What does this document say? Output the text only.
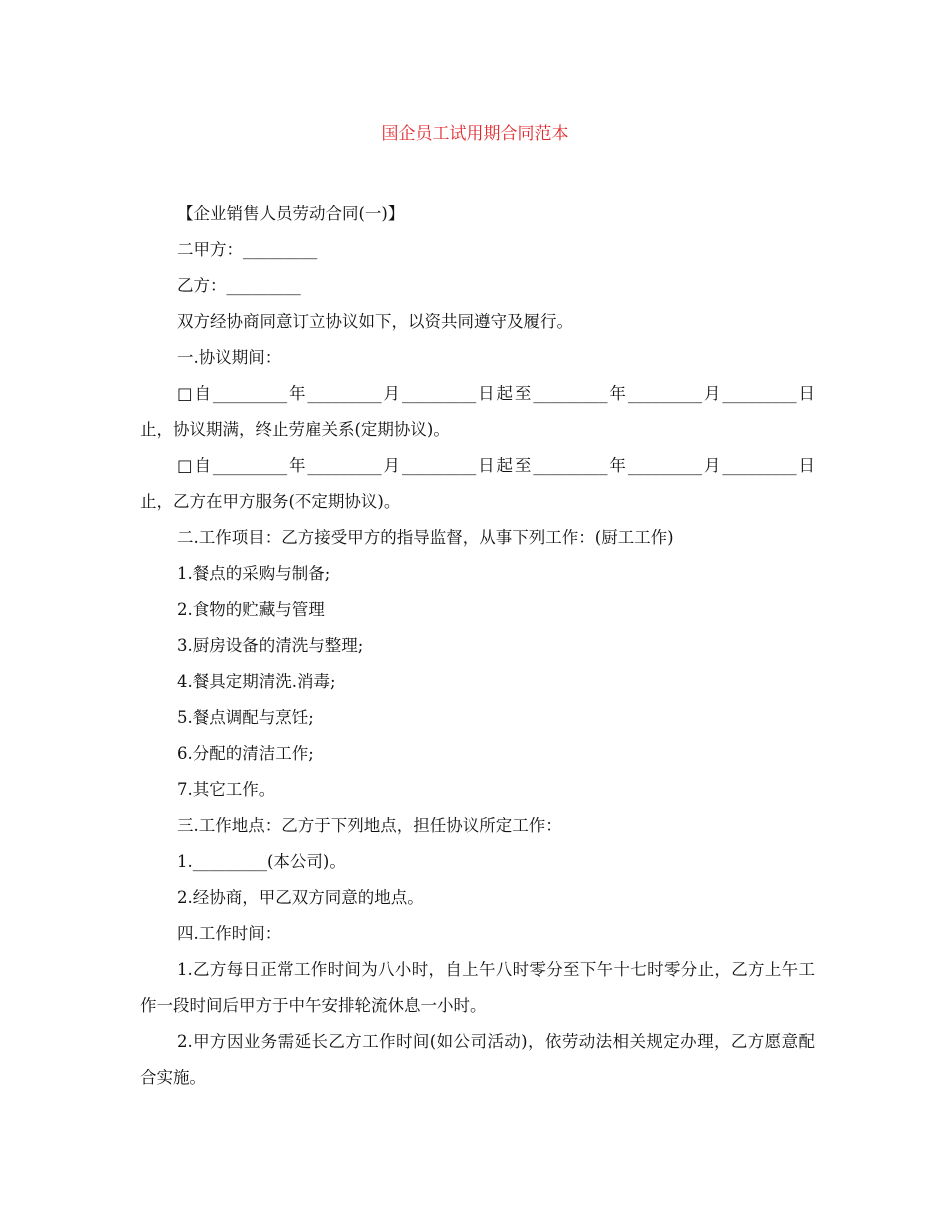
国企员工试用期合同范本

【企业销售人员劳动合同(一)】

二甲方：_________

乙方：_________

双方经协商同意订立协议如下，以资共同遵守及履行。

一.协议期间：

□自_________年_________月_________日起至_________年_________月_________日止，协议期满，终止劳雇关系(定期协议)。

□自_________年_________月_________日起至_________年_________月_________日止，乙方在甲方服务(不定期协议)。

二.工作项目：乙方接受甲方的指导监督，从事下列工作：(厨工工作)

1.餐点的采购与制备;

2.食物的贮藏与管理

3.厨房设备的清洗与整理;

4.餐具定期清洗.消毒;

5.餐点调配与烹饪;

6.分配的清洁工作;

7.其它工作。

三.工作地点：乙方于下列地点，担任协议所定工作：

1._________(本公司)。

2.经协商，甲乙双方同意的地点。

四.工作时间：

1.乙方每日正常工作时间为八小时，自上午八时零分至下午十七时零分止，乙方上午工作一段时间后甲方于中午安排轮流休息一小时。

2.甲方因业务需延长乙方工作时间(如公司活动)，依劳动法相关规定办理，乙方愿意配合实施。
